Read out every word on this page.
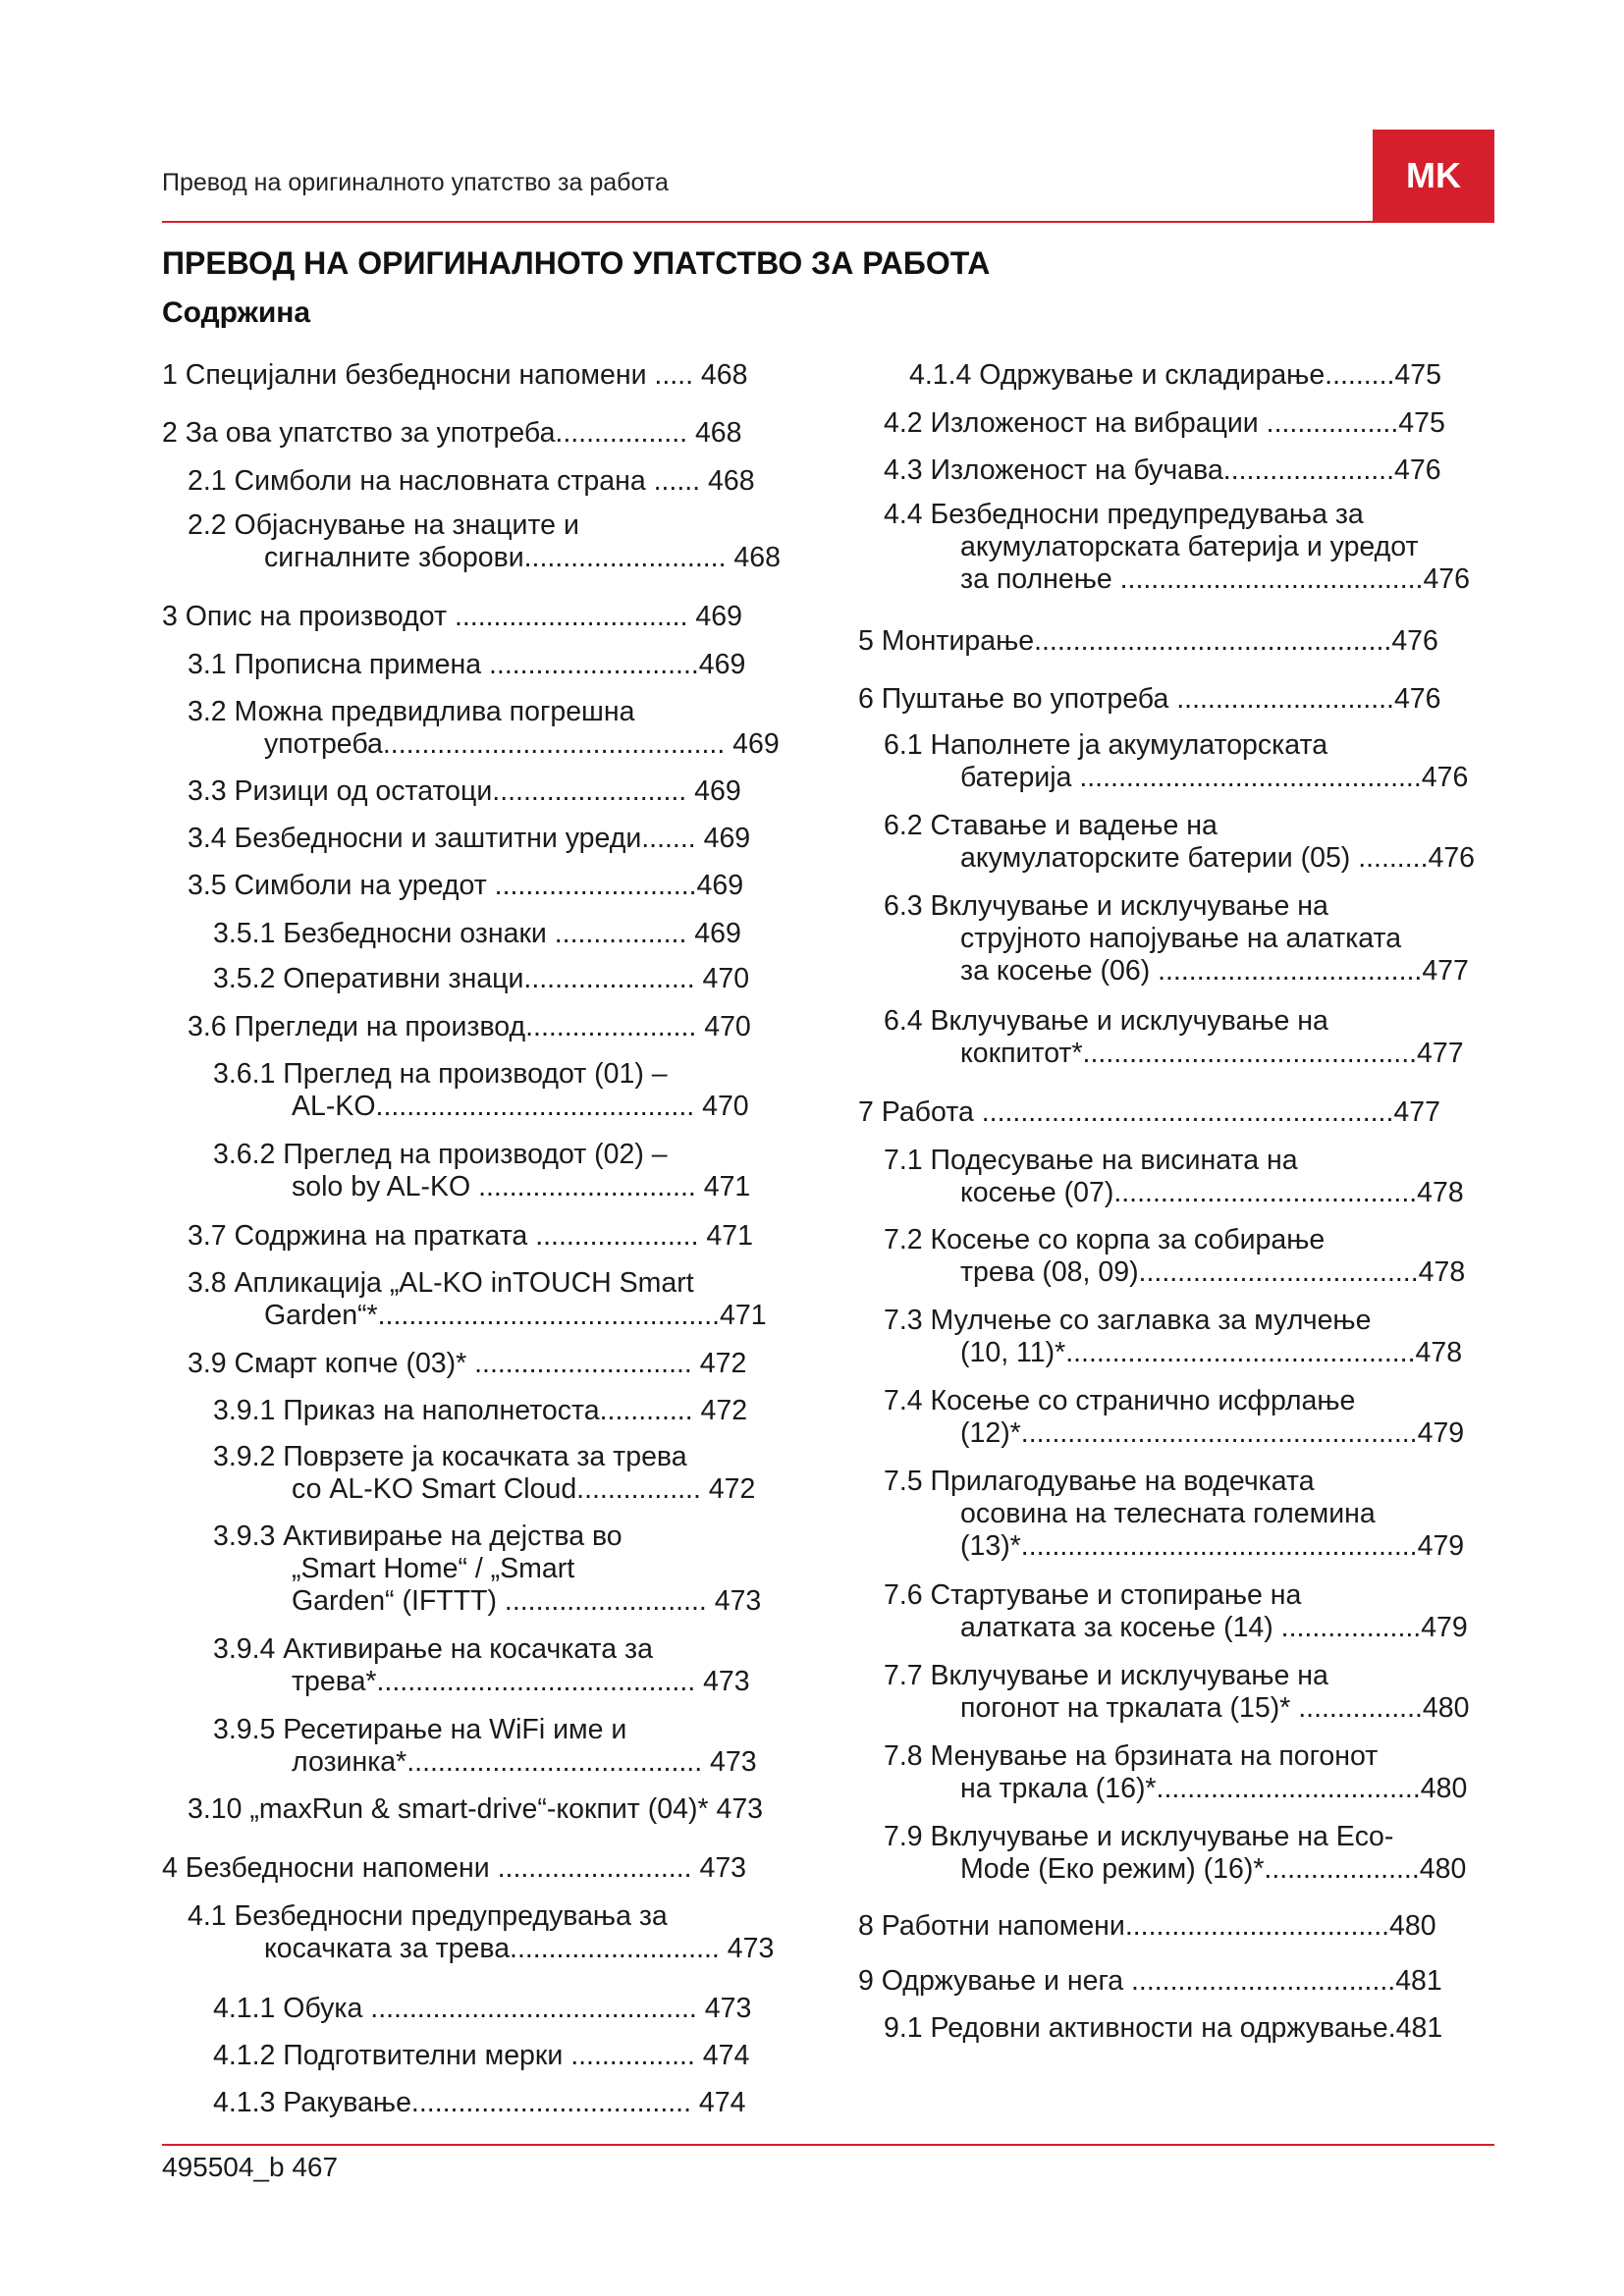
Превод на оригиналното упатство за работа	MK
ПРЕВОД НА ОРИГИНАЛНОТО УПАТСТВО ЗА РАБОТА
Содржина
1 Специјални безбедносни напомени ..... 468
2 За ова упатство за употреба................. 468
2.1 Симболи на насловната страна ...... 468
2.2 Објаснување на знаците и
сигналните зборови.......................... 468
3 Опис на производот .............................. 469
3.1 Прописна примена ...........................469
3.2 Можна предвидлива погрешна
употреба............................................ 469
3.3 Ризици од остатоци......................... 469
3.4 Безбедносни и заштитни уреди....... 469
3.5 Симболи на уредот ..........................469
3.5.1 Безбедносни ознаки ................. 469
3.5.2 Оперативни знаци...................... 470
3.6 Прегледи на производ...................... 470
3.6.1 Преглед на производот (01) –
AL-KO......................................... 470
3.6.2 Преглед на производот (02) –
solo by AL-KO ............................ 471
3.7 Содржина на пратката ..................... 471
3.8 Апликација „AL-KO inTOUCH Smart
Garden“*............................................471
3.9 Смарт копче (03)* ............................ 472
3.9.1 Приказ на наполнетоста............ 472
3.9.2 Поврзете ја косачката за трева
со AL-KO Smart Cloud................ 472
3.9.3 Активирање на дејства во
„Smart Home“ / „Smart
Garden“ (IFTTT) .......................... 473
3.9.4 Активирање на косачката за
трева*......................................... 473
3.9.5 Ресетирање на WiFi име и
лозинка*...................................... 473
3.10 „maxRun & smart-drive“-кокпит (04)* 473
4 Безбедносни напомени ......................... 473
4.1 Безбедносни предупредувања за
косачката за трева........................... 473
4.1.1 Обука .......................................... 473
4.1.2 Подготвителни мерки ................ 474
4.1.3 Ракување.................................... 474
4.1.4 Одржување и складирање.........475
4.2 Изложеност на вибрации .................475
4.3 Изложеност на бучава......................476
4.4 Безбедносни предупредувања за
акумулаторската батерија и уредот
за полнење .......................................476
5 Монтирање..............................................476
6 Пуштање во употреба ............................476
6.1 Наполнете ја акумулаторската
батерија ............................................476
6.2 Ставање и вадење на
акумулаторските батерии (05) .........476
6.3 Вклучување и исклучување на
струјното напојување на алатката
за косење (06) ..................................477
6.4 Вклучување и исклучување на
кокпитот*...........................................477
7 Работа .....................................................477
7.1 Подесување на висината на
косење (07).......................................478
7.2 Косење со корпа за собирање
трева (08, 09)....................................478
7.3 Мулчење со заглавка за мулчење
(10, 11)*.............................................478
7.4 Косење со странично исфрлање
(12)*...................................................479
7.5 Прилагодување на водечката
осовина на телесната големина
(13)*...................................................479
7.6 Стартување и стопирање на
алатката за косење (14) ..................479
7.7 Вклучување и исклучување на
погонот на тркалата (15)* ................480
7.8 Менување на брзината на погонот
на тркала (16)*..................................480
7.9 Вклучување и исклучување на Eco-
Mode (Еко режим) (16)*....................480
8 Работни напомени..................................480
9 Одржување и нега ..................................481
9.1 Редовни активности на одржување.481
495504_b 467
